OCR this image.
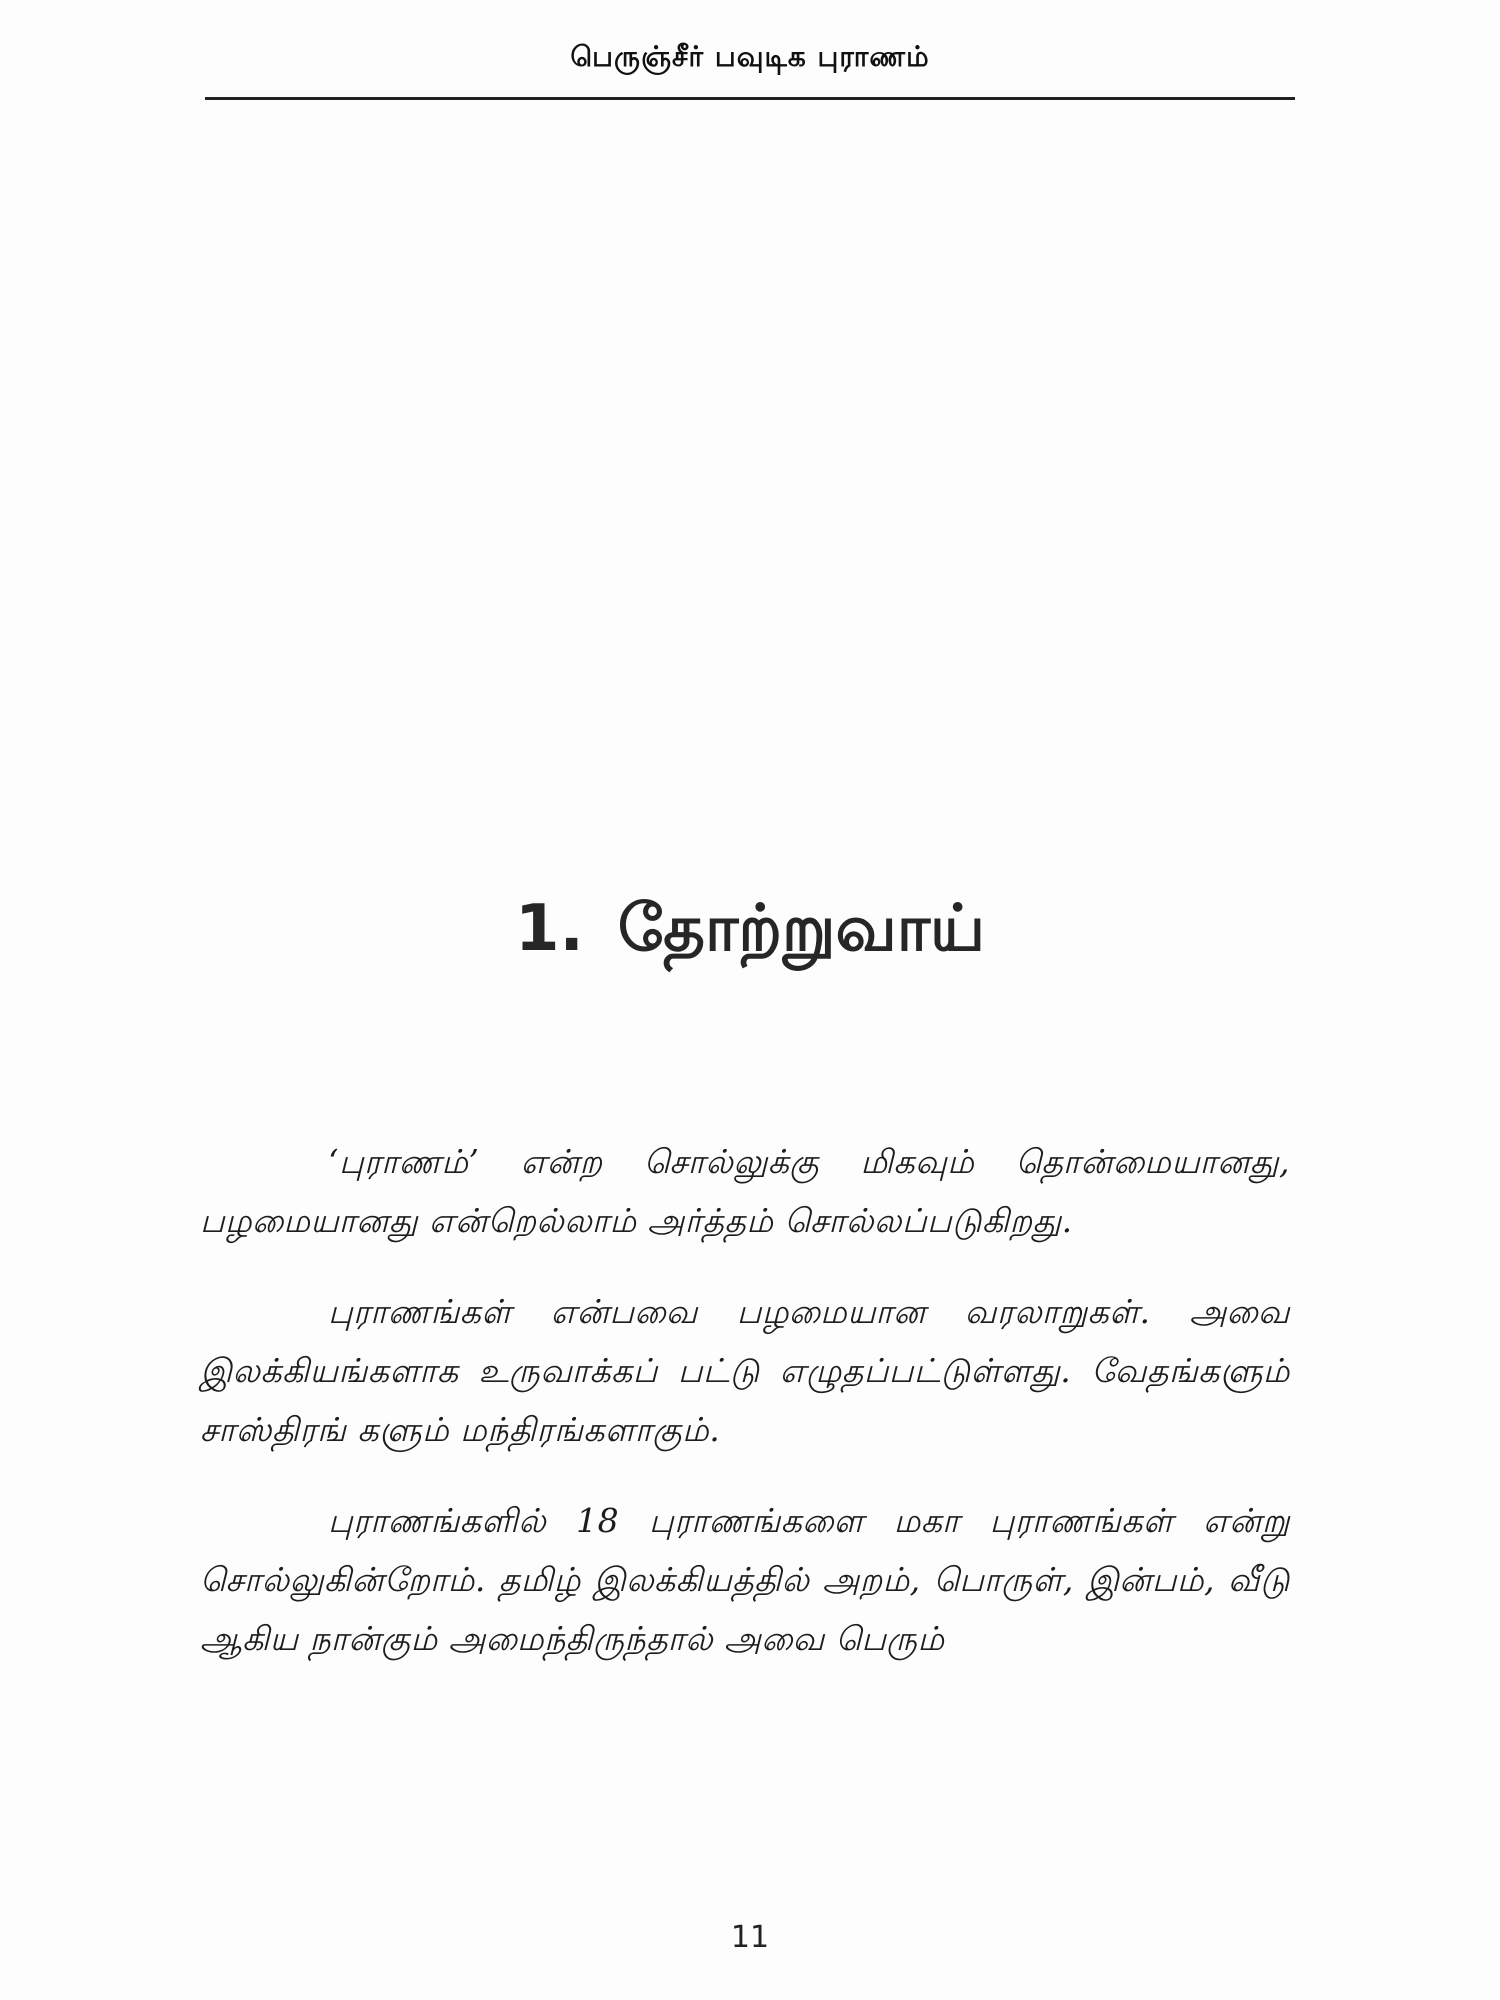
பெருஞ்சீர் பவுடிக புராணம்
1. தோற்றுவாய்

‘புராணம்’ என்ற சொல்லுக்கு மிகவும் தொன்மையானது, பழமையானது என்றெல்லாம் அர்த்தம் சொல்லப்படுகிறது.

புராணங்கள் என்பவை பழமையான வரலாறுகள். அவை இலக்கியங்களாக உருவாக்கப் பட்டு எழுதப்பட்டுள்ளது. வேதங்களும் சாஸ்திரங் களும் மந்திரங்களாகும்.

புராணங்களில் 18 புராணங்களை மகா புராணங்கள் என்று சொல்லுகின்றோம். தமிழ் இலக்கியத்தில் அறம், பொருள், இன்பம், வீடு ஆகிய நான்கும் அமைந்திருந்தால் அவை பெரும்

11
